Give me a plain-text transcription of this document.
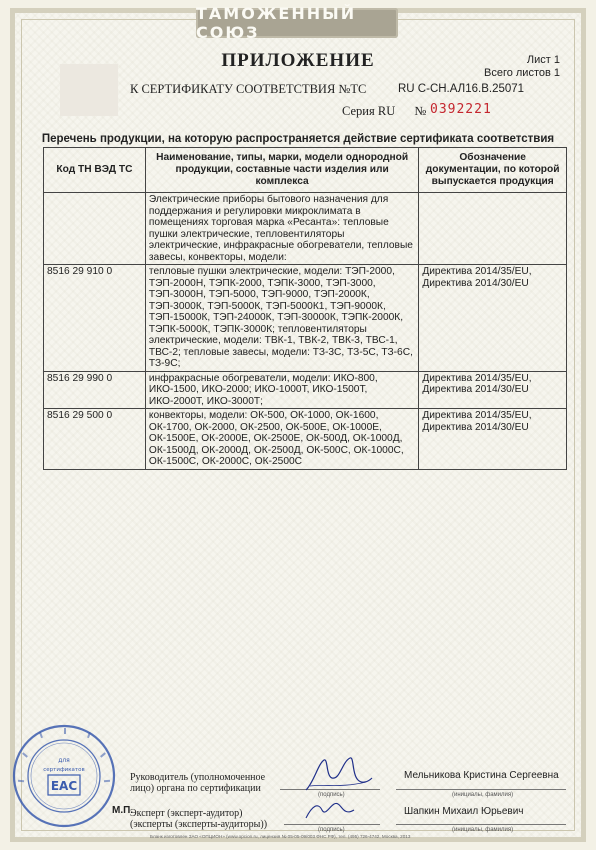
ТАМОЖЕННЫЙ СОЮЗ
ПРИЛОЖЕНИЕ	Лист 1
Всего листов 1
К СЕРТИФИКАТУ СООТВЕТСТВИЯ №ТС	RU С-CH.АЛ16.В.25071
Серия RU № 0392221
Перечень продукции, на которую распространяется действие сертификата соответствия
Код ТН ВЭД ТС	Наименование, типы, марки, модели однородной продукции, составные части изделия или комплекса	Обозначение документации, по которой выпускается продукция
	Электрические приборы бытового назначения для поддержания и регулировки микроклимата в помещениях торговая марка «Ресанта»: тепловые пушки электрические, тепловентиляторы электрические, инфракрасные обогреватели, тепловые завесы, конвекторы, модели:	
8516 29 910 0	тепловые пушки электрические, модели: ТЭП-2000, ТЭП-2000Н, ТЭПК-2000, ТЭПК-3000, ТЭП-3000, ТЭП-3000Н, ТЭП-5000, ТЭП-9000, ТЭП-2000К, ТЭП-3000К, ТЭП-5000К, ТЭП-5000К1, ТЭП-9000К, ТЭП-15000К, ТЭП-24000К, ТЭП-30000К, ТЭПК-2000К, ТЭПК-5000К, ТЭПК-3000К; тепловентиляторы электрические, модели: ТВК-1, ТВК-2, ТВК-3, ТВС-1, ТВС-2; тепловые завесы, модели: ТЗ-3С, ТЗ-5С, ТЗ-6С, ТЗ-9С;	Директива 2014/35/EU, Директива 2014/30/EU
8516 29 990 0	инфракрасные обогреватели, модели: ИКО-800, ИКО-1500, ИКО-2000; ИКО-1000Т, ИКО-1500Т, ИКО-2000Т, ИКО-3000Т;	Директива 2014/35/EU, Директива 2014/30/EU
8516 29 500 0	конвекторы, модели: ОК-500, ОК-1000, ОК-1600, ОК-1700, ОК-2000, ОК-2500, ОК-500Е, ОК-1000Е, ОК-1500Е, ОК-2000Е, ОК-2500Е, ОК-500Д, ОК-1000Д, ОК-1500Д, ОК-2000Д, ОК-2500Д, ОК-500С, ОК-1000С, ОК-1500С, ОК-2000С, ОК-2500С	Директива 2014/35/EU, Директива 2014/30/EU
для
сертификатов
ЕАС
Руководитель (уполномоченное лицо) органа по сертификации
(подпись)
Мельникова Кристина Сергеевна
(инициалы, фамилия)
М.П.
Эксперт (эксперт-аудитор) (эксперты (эксперты-аудиторы))	(подпись)
Шапкин Михаил Юрьевич
(инициалы, фамилия)
Бланк изготовлен ЗАО «ОПЦИОН» (www.opcion.ru, лицензия № 05-05-09/003 ФНС РФ), тел. (495) 726-4742, Москва, 2013
